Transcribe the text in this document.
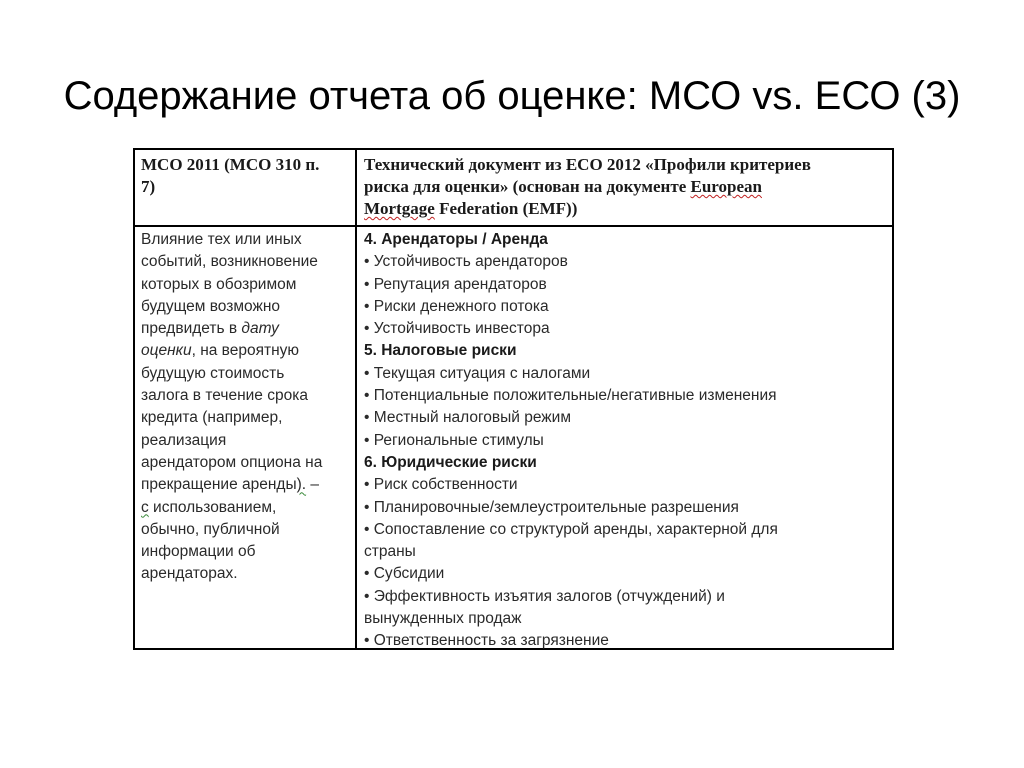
Содержание отчета об оценке: МСО vs. ЕСО (3)
МСО 2011 (МСО 310 п.
7)
Технический документ из ЕСО 2012 «Профили критериев
риска для оценки» (основан на документе European
Mortgage Federation (EMF))
Влияние тех или иных
событий, возникновение
которых в обозримом
будущем возможно
предвидеть в дату
оценки, на вероятную
будущую стоимость
залога в течение срока
кредита (например,
реализация
арендатором опциона на
прекращение аренды). –
с использованием,
обычно, публичной
информации об
арендаторах.
4. Арендаторы / Аренда
• Устойчивость арендаторов
• Репутация арендаторов
• Риски денежного потока
• Устойчивость инвестора
5. Налоговые риски
• Текущая ситуация с налогами
• Потенциальные положительные/негативные изменения
• Местный налоговый режим
• Региональные стимулы
6. Юридические риски
• Риск собственности
• Планировочные/землеустроительные разрешения
• Сопоставление со структурой аренды, характерной для
страны
• Субсидии
• Эффективность изъятия залогов (отчуждений) и
вынужденных продаж
• Ответственность за загрязнение
